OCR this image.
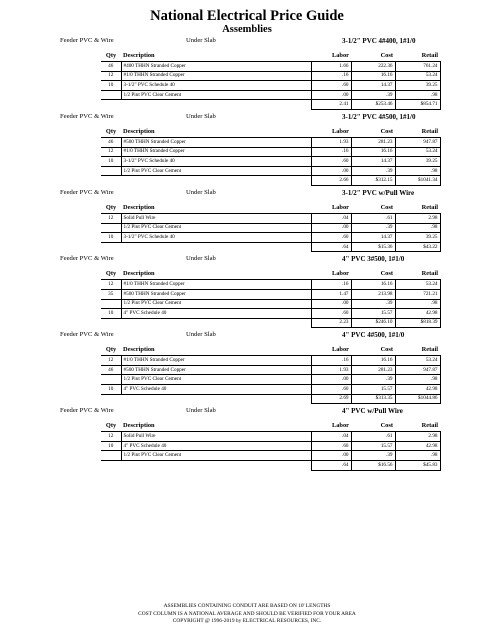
National Electrical Price Guide
Assemblies
Feeder PVC & Wire	Under Slab	3-1/2" PVC 4#400, 1#1/0
Qty	Description	Labor	Cost	Retail
46	#400 THHN Stranded Copper	1.66	222.36	761.24
12	#1/0 THHN Stranded Copper	.16	16.16	53.24
10	3-1/2" PVC Schedule 40	.60	14.37	39.25
	1/2 Pint PVC Clear Cement	.00	.39	.98
		2.41	$253.46	$854.71
Feeder PVC & Wire	Under Slab	3-1/2" PVC 4#500, 1#1/0
Qty	Description	Labor	Cost	Retail
46	#500 THHN Stranded Copper	1.93	281.23	947.87
12	#1/0 THHN Stranded Copper	.16	16.16	53.24
10	3-1/2" PVC Schedule 40	.60	14.37	39.25
	1/2 Pint PVC Clear Cement	.00	.39	.98
		2.66	$312.15	$1041.34
Feeder PVC & Wire	Under Slab	3-1/2" PVC w/Pull Wire
Qty	Description	Labor	Cost	Retail
12	Solid Pull Wire	.04	.61	2.98
	1/2 Pint PVC Clear Cement	.00	.39	.98
10	3-1/2" PVC Schedule 40	.60	14.37	39.25
		.64	$15.36	$43.22
Feeder PVC & Wire	Under Slab	4" PVC 3#500, 1#1/0
Qty	Description	Labor	Cost	Retail
12	#1/0 THHN Stranded Copper	.16	16.16	53.24
35	#500 THHN Stranded Copper	1.47	213.98	721.21
	1/2 Pint PVC Clear Cement	.00	.39	.98
10	4" PVC Schedule 40	.60	15.57	42.98
		2.23	$246.10	$818.39
Feeder PVC & Wire	Under Slab	4" PVC 4#500, 1#1/0
Qty	Description	Labor	Cost	Retail
12	#1/0 THHN Stranded Copper	.16	16.16	53.24
46	#500 THHN Stranded Copper	1.93	281.23	947.87
	1/2 Pint PVC Clear Cement	.00	.39	.98
10	4" PVC Schedule 40	.60	15.57	42.98
		2.69	$313.35	$1044.86
Feeder PVC & Wire	Under Slab	4" PVC w/Pull Wire
Qty	Description	Labor	Cost	Retail
12	Solid Pull Wire	.04	.61	2.98
10	4" PVC Schedule 40	.60	15.57	42.98
	1/2 Pint PVC Clear Cement	.00	.39	.98
		.64	$16.56	$45.83
ASSEMBLIES CONTAINING CONDUIT ARE BASED ON 10' LENGTHS
COST COLUMN IS A NATIONAL AVERAGE AND SHOULD BE VERIFIED FOR YOUR AREA
COPYRIGHT @ 1996-2019 by ELECTRICAL RESOURCES, INC.
